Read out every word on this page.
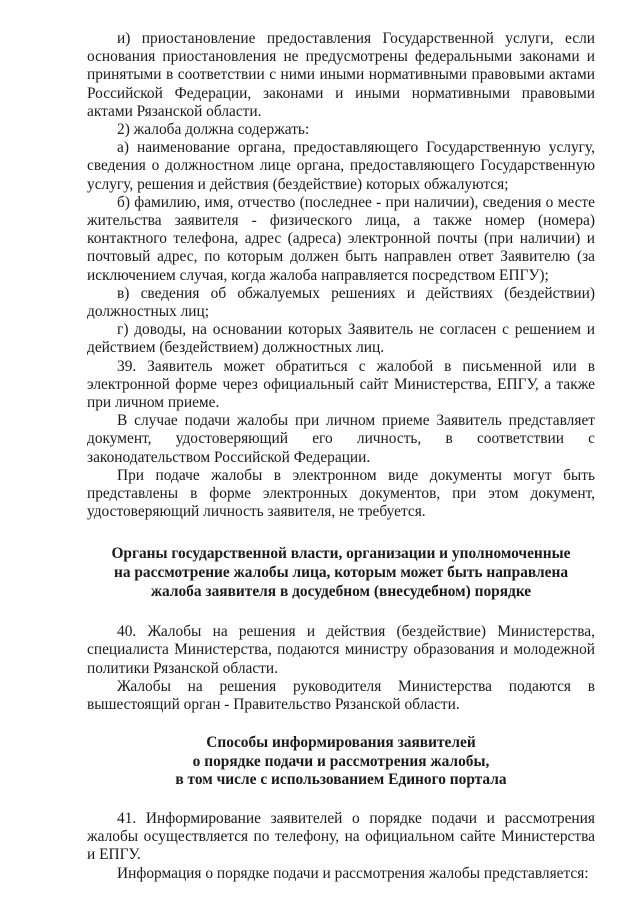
и) приостановление предоставления Государственной услуги, если основания приостановления не предусмотрены федеральными законами и принятыми в соответствии с ними иными нормативными правовыми актами Российской Федерации, законами и иными нормативными правовыми актами Рязанской области.

2) жалоба должна содержать:

а) наименование органа, предоставляющего Государственную услугу, сведения о должностном лице органа, предоставляющего Государственную услугу, решения и действия (бездействие) которых обжалуются;

б) фамилию, имя, отчество (последнее - при наличии), сведения о месте жительства заявителя - физического лица, а также номер (номера) контактного телефона, адрес (адреса) электронной почты (при наличии) и почтовый адрес, по которым должен быть направлен ответ Заявителю (за исключением случая, когда жалоба направляется посредством ЕПГУ);

в) сведения об обжалуемых решениях и действиях (бездействии) должностных лиц;

г) доводы, на основании которых Заявитель не согласен с решением и действием (бездействием) должностных лиц.

39. Заявитель может обратиться с жалобой в письменной или в электронной форме через официальный сайт Министерства, ЕПГУ, а также при личном приеме.

В случае подачи жалобы при личном приеме Заявитель представляет документ, удостоверяющий его личность, в соответствии с законодательством Российской Федерации.

При подаче жалобы в электронном виде документы могут быть представлены в форме электронных документов, при этом документ, удостоверяющий личность заявителя, не требуется.

Органы государственной власти, организации и уполномоченные
на рассмотрение жалобы лица, которым может быть направлена
жалоба заявителя в досудебном (внесудебном) порядке

40. Жалобы на решения и действия (бездействие) Министерства, специалиста Министерства, подаются министру образования и молодежной политики Рязанской области.

Жалобы на решения руководителя Министерства подаются в вышестоящий орган - Правительство Рязанской области.

Способы информирования заявителей
о порядке подачи и рассмотрения жалобы,
в том числе с использованием Единого портала

41. Информирование заявителей о порядке подачи и рассмотрения жалобы осуществляется по телефону, на официальном сайте Министерства и ЕПГУ.

Информация о порядке подачи и рассмотрения жалобы представляется:
